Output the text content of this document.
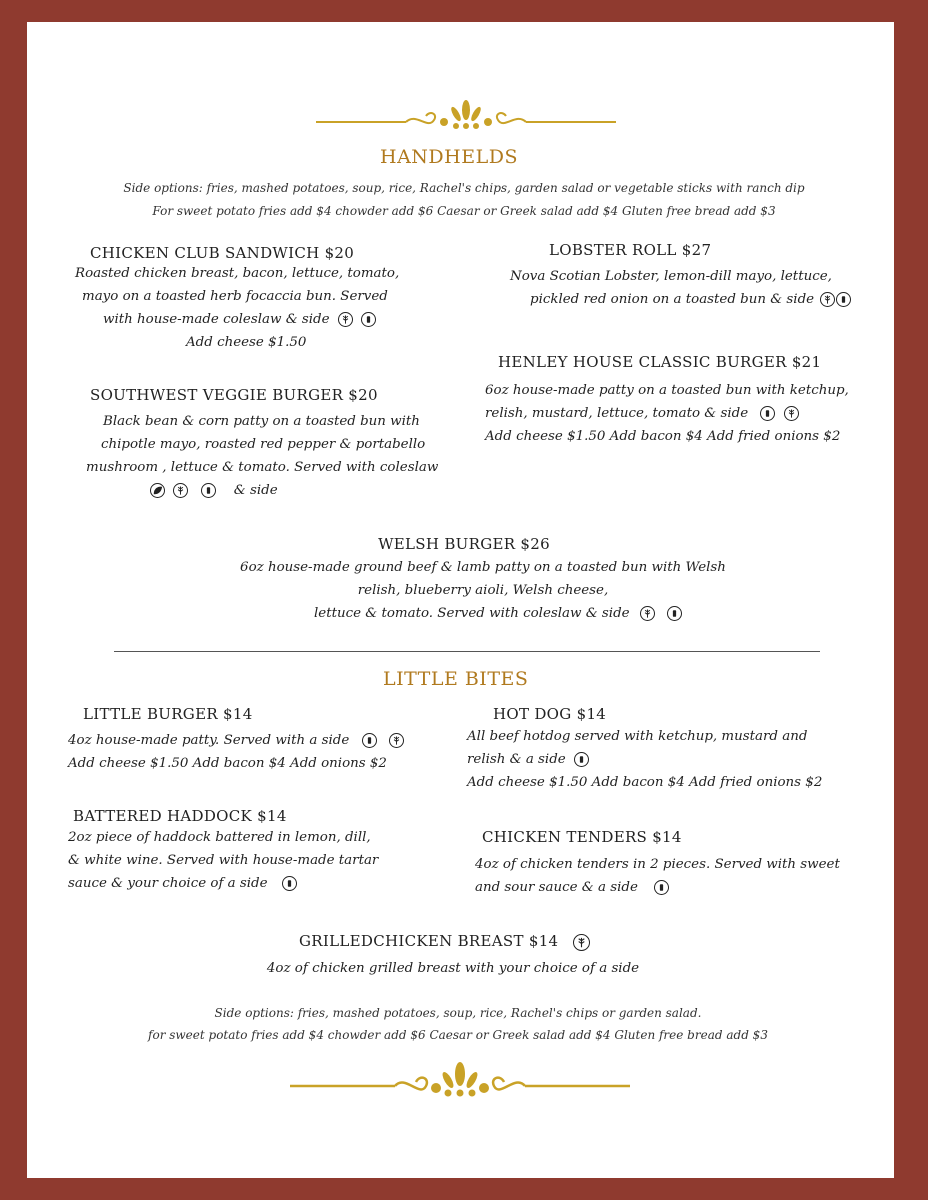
HANDHELDS
Side options: fries, mashed potatoes, soup, rice, Rachel's chips, garden salad or vegetable sticks with ranch dip
For sweet potato fries add $4 chowder add $6 Caesar or Greek salad add $4 Gluten free bread add $3
CHICKEN CLUB SANDWICH $20
Roasted chicken breast, bacon, lettuce, tomato,
mayo on a toasted herb focaccia bun. Served
with house-made coleslaw & side

Add cheese $1.50
LOBSTER ROLL $27
Nova Scotian Lobster, lemon-dill mayo, lettuce,
pickled red onion on a toasted bun & side
HENLEY HOUSE CLASSIC BURGER $21
6oz house-made patty on a toasted bun with ketchup,
relish, mustard, lettuce, tomato & side

Add cheese $1.50 Add bacon $4 Add fried onions $2
SOUTHWEST VEGGIE BURGER $20
Black bean & corn patty on a toasted bun with
chipotle mayo, roasted red pepper & portabello
mushroom , lettuce & tomato. Served with coleslaw

& side
WELSH BURGER $26
6oz house-made ground beef & lamb patty on a toasted bun with Welsh
relish, blueberry aioli, Welsh cheese,
lettuce & tomato. Served with coleslaw & side

LITTLE BITES
LITTLE BURGER $14
4oz house-made patty. Served with a side

Add cheese $1.50 Add bacon $4 Add onions $2
HOT DOG $14
All beef hotdog served with ketchup, mustard and
relish & a side
Add cheese $1.50 Add bacon $4 Add fried onions $2
BATTERED HADDOCK $14
2oz piece of haddock battered in lemon, dill,
& white wine. Served with house-made tartar
sauce & your choice of a side
CHICKEN TENDERS $14
4oz of chicken tenders in 2 pieces. Served with sweet
and sour sauce & a side
GRILLEDCHICKEN BREAST $14
4oz of chicken grilled breast with your choice of a side
Side options: fries, mashed potatoes, soup, rice, Rachel's chips or garden salad.
for sweet potato fries add $4 chowder add $6 Caesar or Greek salad add $4 Gluten free bread add $3
